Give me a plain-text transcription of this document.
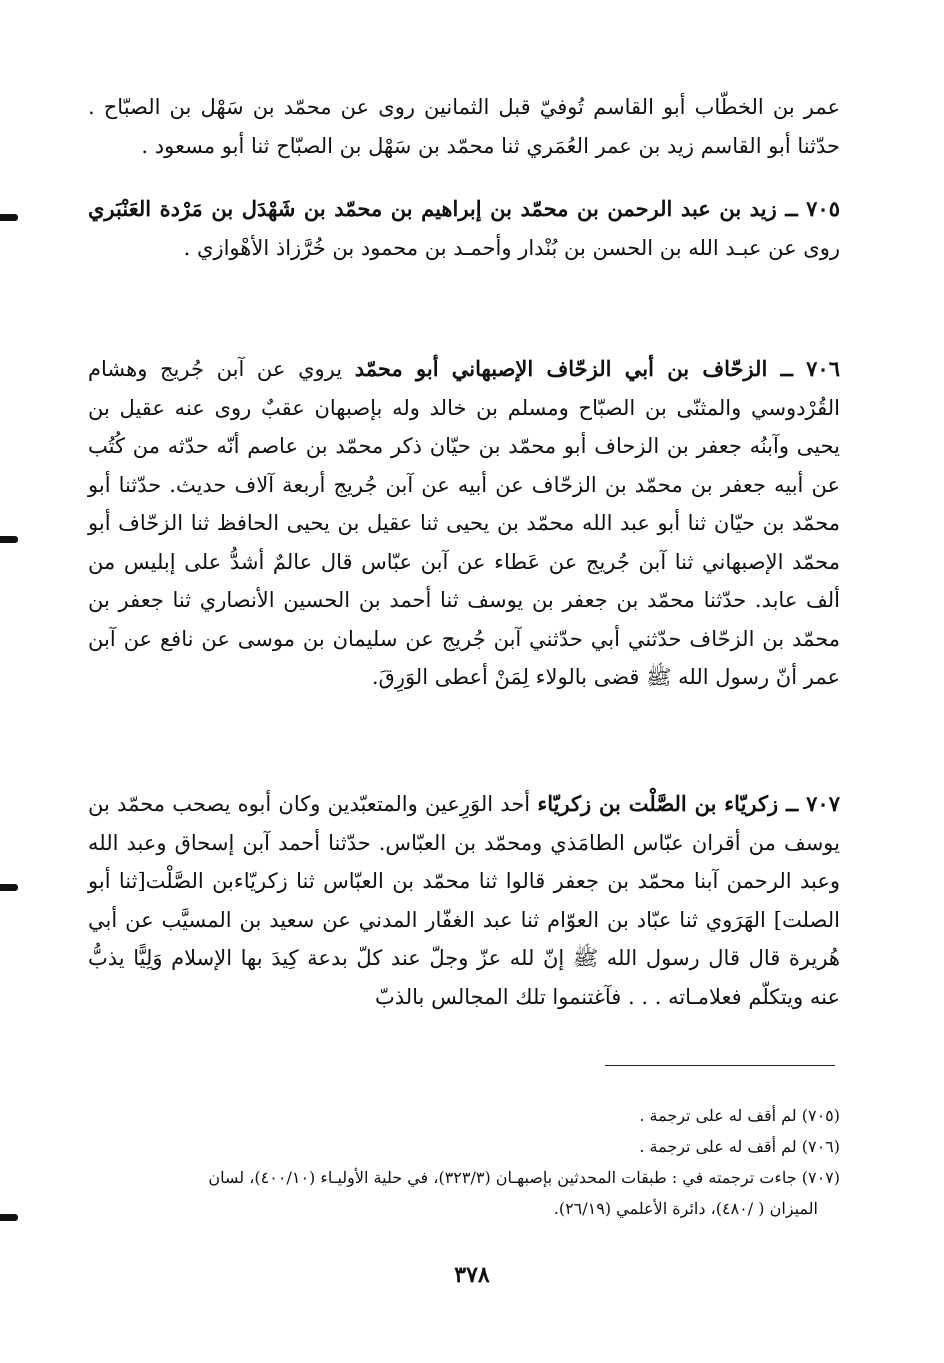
عمر بن الخطّاب أبو القاسم تُوفيّ قبل الثمانين روى عن محمّد بن سَهْل بن الصبّاح . حدّثنا أبو القاسم زيد بن عمر العُمَري ثنا محمّد بن سَهْل بن الصبّاح ثنا أبو مسعود .

٧٠٥ ــ زيد بن عبد الرحمن بن محمّد بن إبراهيم بن محمّد بن شَهْدَل بن مَرْدة العَنْبَري روى عن عبـد الله بن الحسن بن بُنْدار وأحمـد بن محمود بن خُرَّزاذ الأهْوازي .

٧٠٦ ــ الزحّاف بن أبي الزحّاف الإصبهاني أبو محمّد يروي عن آبن جُريج وهشام القُرْدوسي والمثنّى بن الصبّاح ومسلم بن خالد وله بإصبهان عقبٌ روى عنه عقيل بن يحيى وآبنُه جعفر بن الزحاف أبو محمّد بن حيّان ذكر محمّد بن عاصم أنّه حدّثه من كُتُب عن أبيه جعفر بن محمّد بن الزحّاف عن أبيه عن آبن جُريج أربعة آلاف حديث. حدّثنا أبو محمّد بن حيّان ثنا أبو عبد الله محمّد بن يحيى ثنا عقيل بن يحيى الحافظ ثنا الزحّاف أبو محمّد الإصبهاني ثنا آبن جُريج عن عَطاء عن آبن عبّاس قال عالمٌ أشدُّ على إبليس من ألف عابد. حدّثنا محمّد بن جعفر بن يوسف ثنا أحمد بن الحسين الأنصاري ثنا جعفر بن محمّد بن الزحّاف حدّثني أبي حدّثني آبن جُريج عن سليمان بن موسى عن نافع عن آبن عمر أنّ رسول الله ﷺ قضى بالولاء لِمَنْ أعطى الوَرِقَ.

٧٠٧ ــ زكريّاء بن الصَّلْت بن زكريّاء أحد الوَرِعين والمتعبّدين وكان أبوه يصحب محمّد بن يوسف من أقران عبّاس الطامَذي ومحمّد بن العبّاس. حدّثنا أحمد آبن إسحاق وعبد الله وعبد الرحمن آبنا محمّد بن جعفر قالوا ثنا محمّد بن العبّاس ثنا زكريّاءبن الصَّلْت[ثنا أبو الصلت] الهَرَوي ثنا عبّاد بن العوّام ثنا عبد الغفّار المدني عن سعيد بن المسيَّب عن أبي هُريرة قال قال رسول الله ﷺ إنّ لله عزّ وجلّ عند كلّ بدعة كِيدَ بها الإسلام وَلِيًّا يذبُّ عنه ويتكلّم فعلامـاته . . . فآغتنموا تلك المجالس بالذبّ

(٧٠٥) لم أقف له على ترجمة .

(٧٠٦) لم أقف له على ترجمة .

(٧٠٧) جاءت ترجمته في : طبقات المحدثين بإصبهـان (٣٢٣/٣)، في حلية الأوليـاء (٤٠٠/١٠)، لسان

الميزان ( /٤٨٠)، دائرة الأعلمي (٢٦/١٩).

٣٧٨
